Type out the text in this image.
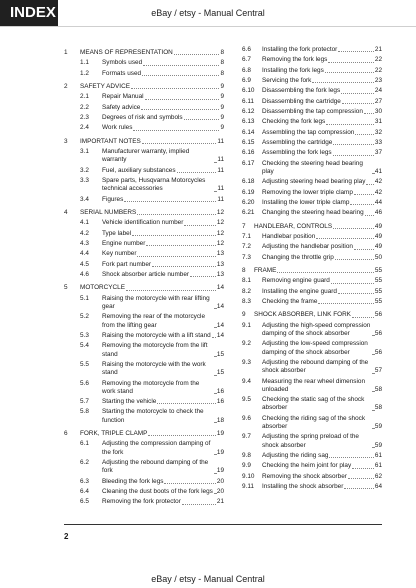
INDEX	eBay / etsy - Manual Central
1	MEANS OF REPRESENTATION	8
1.1	Symbols used	8
1.2	Formats used	8
2	SAFETY ADVICE	9
2.1	Repair Manual	9
2.2	Safety advice	9
2.3	Degrees of risk and symbols	9
2.4	Work rules	9
3	IMPORTANT NOTES	11
3.1	Manufacturer warranty, implied warranty	11
3.2	Fuel, auxiliary substances	11
3.3	Spare parts, Husqvarna Motorcycles technical accessories	11
3.4	Figures	11
4	SERIAL NUMBERS	12
4.1	Vehicle identification number	12
4.2	Type label	12
4.3	Engine number	12
4.4	Key number	13
4.5	Fork part number	13
4.6	Shock absorber article number	13
5	MOTORCYCLE	14
5.1	Raising the motorcycle with rear lifting gear	14
5.2	Removing the rear of the motorcycle from the lifting gear	14
5.3	Raising the motorcycle with a lift stand 14
5.4	Removing the motorcycle from the lift stand	15
5.5	Raising the motorcycle with the work stand	15
5.6	Removing the motorcycle from the work stand	16
5.7	Starting the vehicle	16
5.8	Starting the motorcycle to check the function	18
6	FORK, TRIPLE CLAMP	19
6.1	Adjusting the compression damping of the fork	19
6.2	Adjusting the rebound damping of the fork	19
6.3	Bleeding the fork legs	20
6.4	Cleaning the dust boots of the fork legs 20
6.5	Removing the fork protector	21
6.6	Installing the fork protector	21
6.7	Removing the fork legs	22
6.8	Installing the fork legs	22
6.9	Servicing the fork	23
6.10	Disassembling the fork legs	24
6.11	Disassembling the cartridge	27
6.12	Disassembling the tap compression 30
6.13	Checking the fork legs	31
6.14	Assembling the tap compression	32
6.15	Assembling the cartridge	33
6.16	Assembling the fork legs	37
6.17	Checking the steering head bearing play	41
6.18	Adjusting steering head bearing play 42
6.19	Removing the lower triple clamp	42
6.20	Installing the lower triple clamp	44
6.21	Changing the steering head bearing 46
7	HANDLEBAR, CONTROLS	49
7.1	Handlebar position	49
7.2	Adjusting the handlebar position	49
7.3	Changing the throttle grip	50
8	FRAME	55
8.1	Removing engine guard	55
8.2	Installing the engine guard	55
8.3	Checking the frame	55
9	SHOCK ABSORBER, LINK FORK	56
9.1	Adjusting the high-speed compression damping of the shock absorber	56
9.2	Adjusting the low-speed compression damping of the shock absorber	56
9.3	Adjusting the rebound damping of the shock absorber	57
9.4	Measuring the rear wheel dimension unloaded	58
9.5	Checking the static sag of the shock absorber	58
9.6	Checking the riding sag of the shock absorber	59
9.7	Adjusting the spring preload of the shock absorber	59
9.8	Adjusting the riding sag	61
9.9	Checking the heim joint for play	61
9.10	Removing the shock absorber	62
9.11	Installing the shock absorber	64
2
eBay / etsy - Manual Central
